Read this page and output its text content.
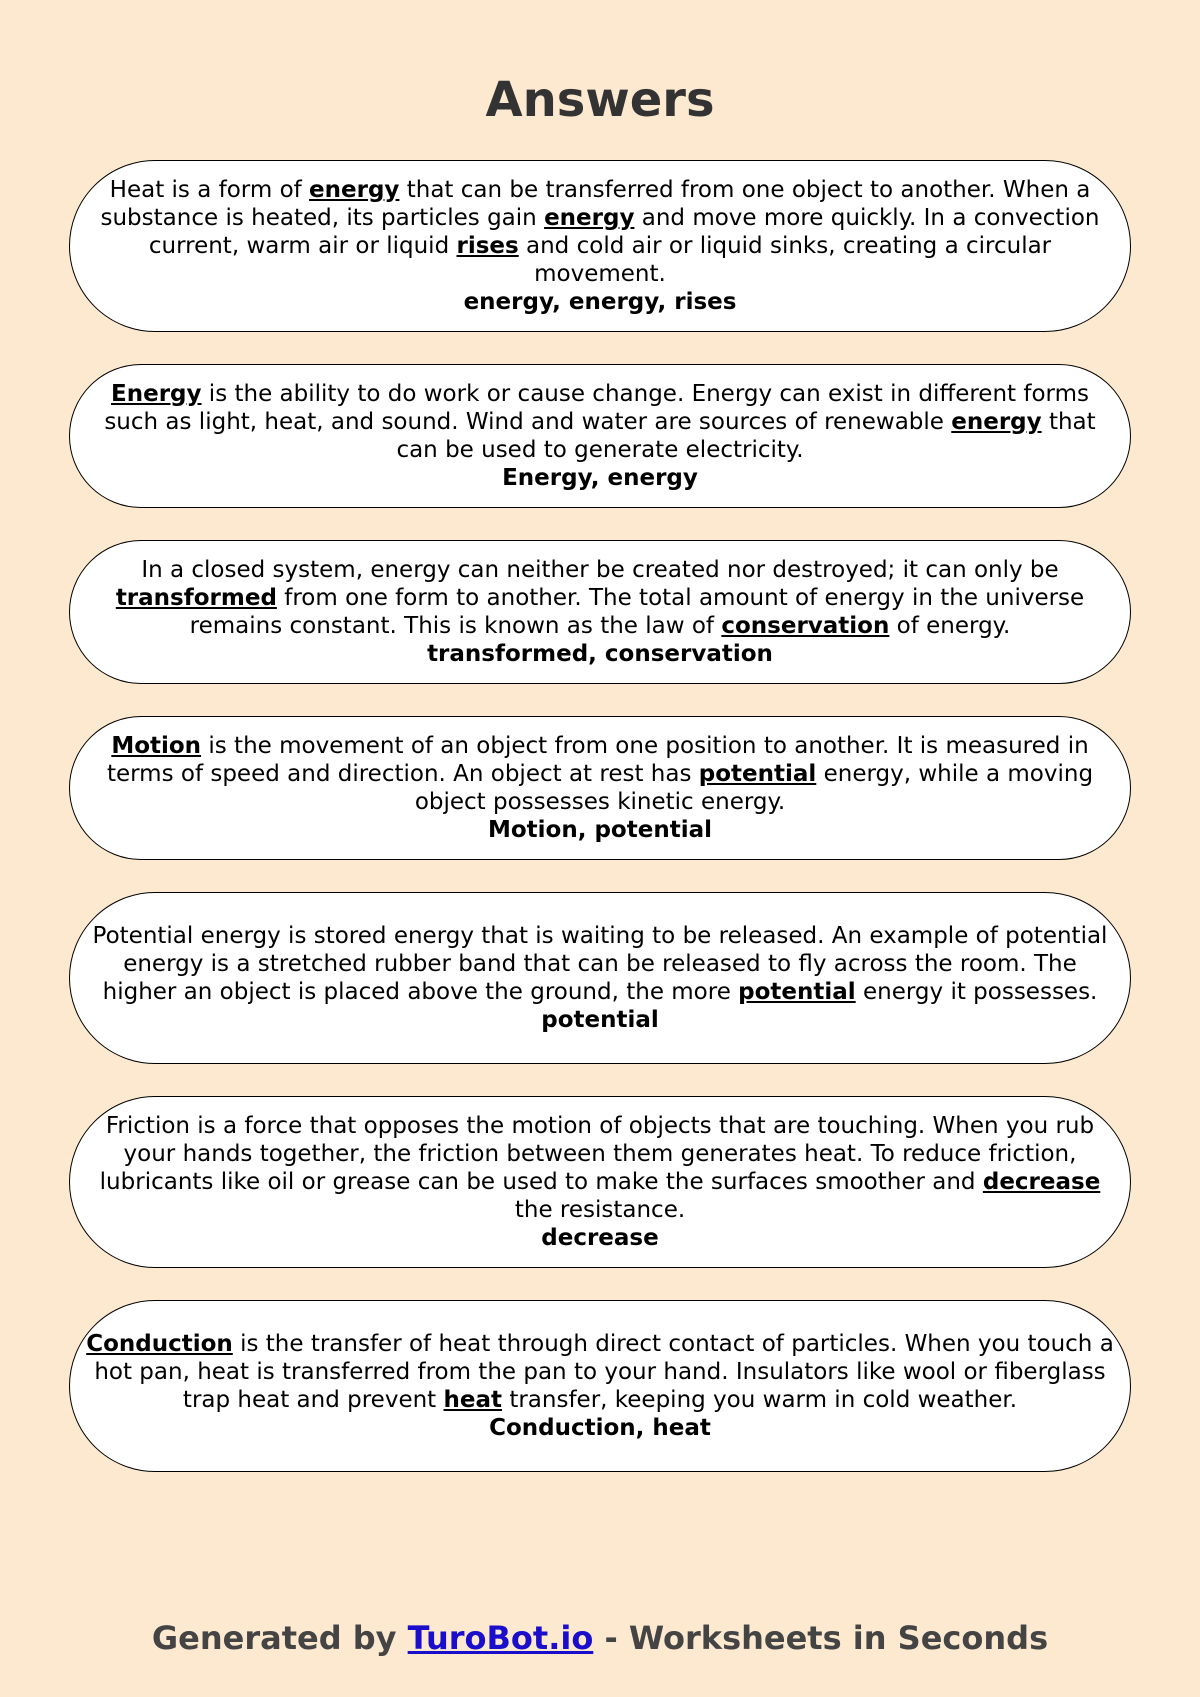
Answers

Heat is a form of energy that can be transferred from one object to another. When a substance is heated, its particles gain energy and move more quickly. In a convection current, warm air or liquid rises and cold air or liquid sinks, creating a circular movement.

energy, energy, rises

Energy is the ability to do work or cause change. Energy can exist in different forms such as light, heat, and sound. Wind and water are sources of renewable energy that can be used to generate electricity.

Energy, energy

In a closed system, energy can neither be created nor destroyed; it can only be transformed from one form to another. The total amount of energy in the universe remains constant. This is known as the law of conservation of energy.

transformed, conservation

Motion is the movement of an object from one position to another. It is measured in terms of speed and direction. An object at rest has potential energy, while a moving object possesses kinetic energy.

Motion, potential

Potential energy is stored energy that is waiting to be released. An example of potential energy is a stretched rubber band that can be released to fly across the room. The higher an object is placed above the ground, the more potential energy it possesses.

potential

Friction is a force that opposes the motion of objects that are touching. When you rub your hands together, the friction between them generates heat. To reduce friction, lubricants like oil or grease can be used to make the surfaces smoother and decrease the resistance.

decrease

Conduction is the transfer of heat through direct contact of particles. When you touch a hot pan, heat is transferred from the pan to your hand. Insulators like wool or fiberglass trap heat and prevent heat transfer, keeping you warm in cold weather.

Conduction, heat
Generated by TuroBot.io - Worksheets in Seconds
